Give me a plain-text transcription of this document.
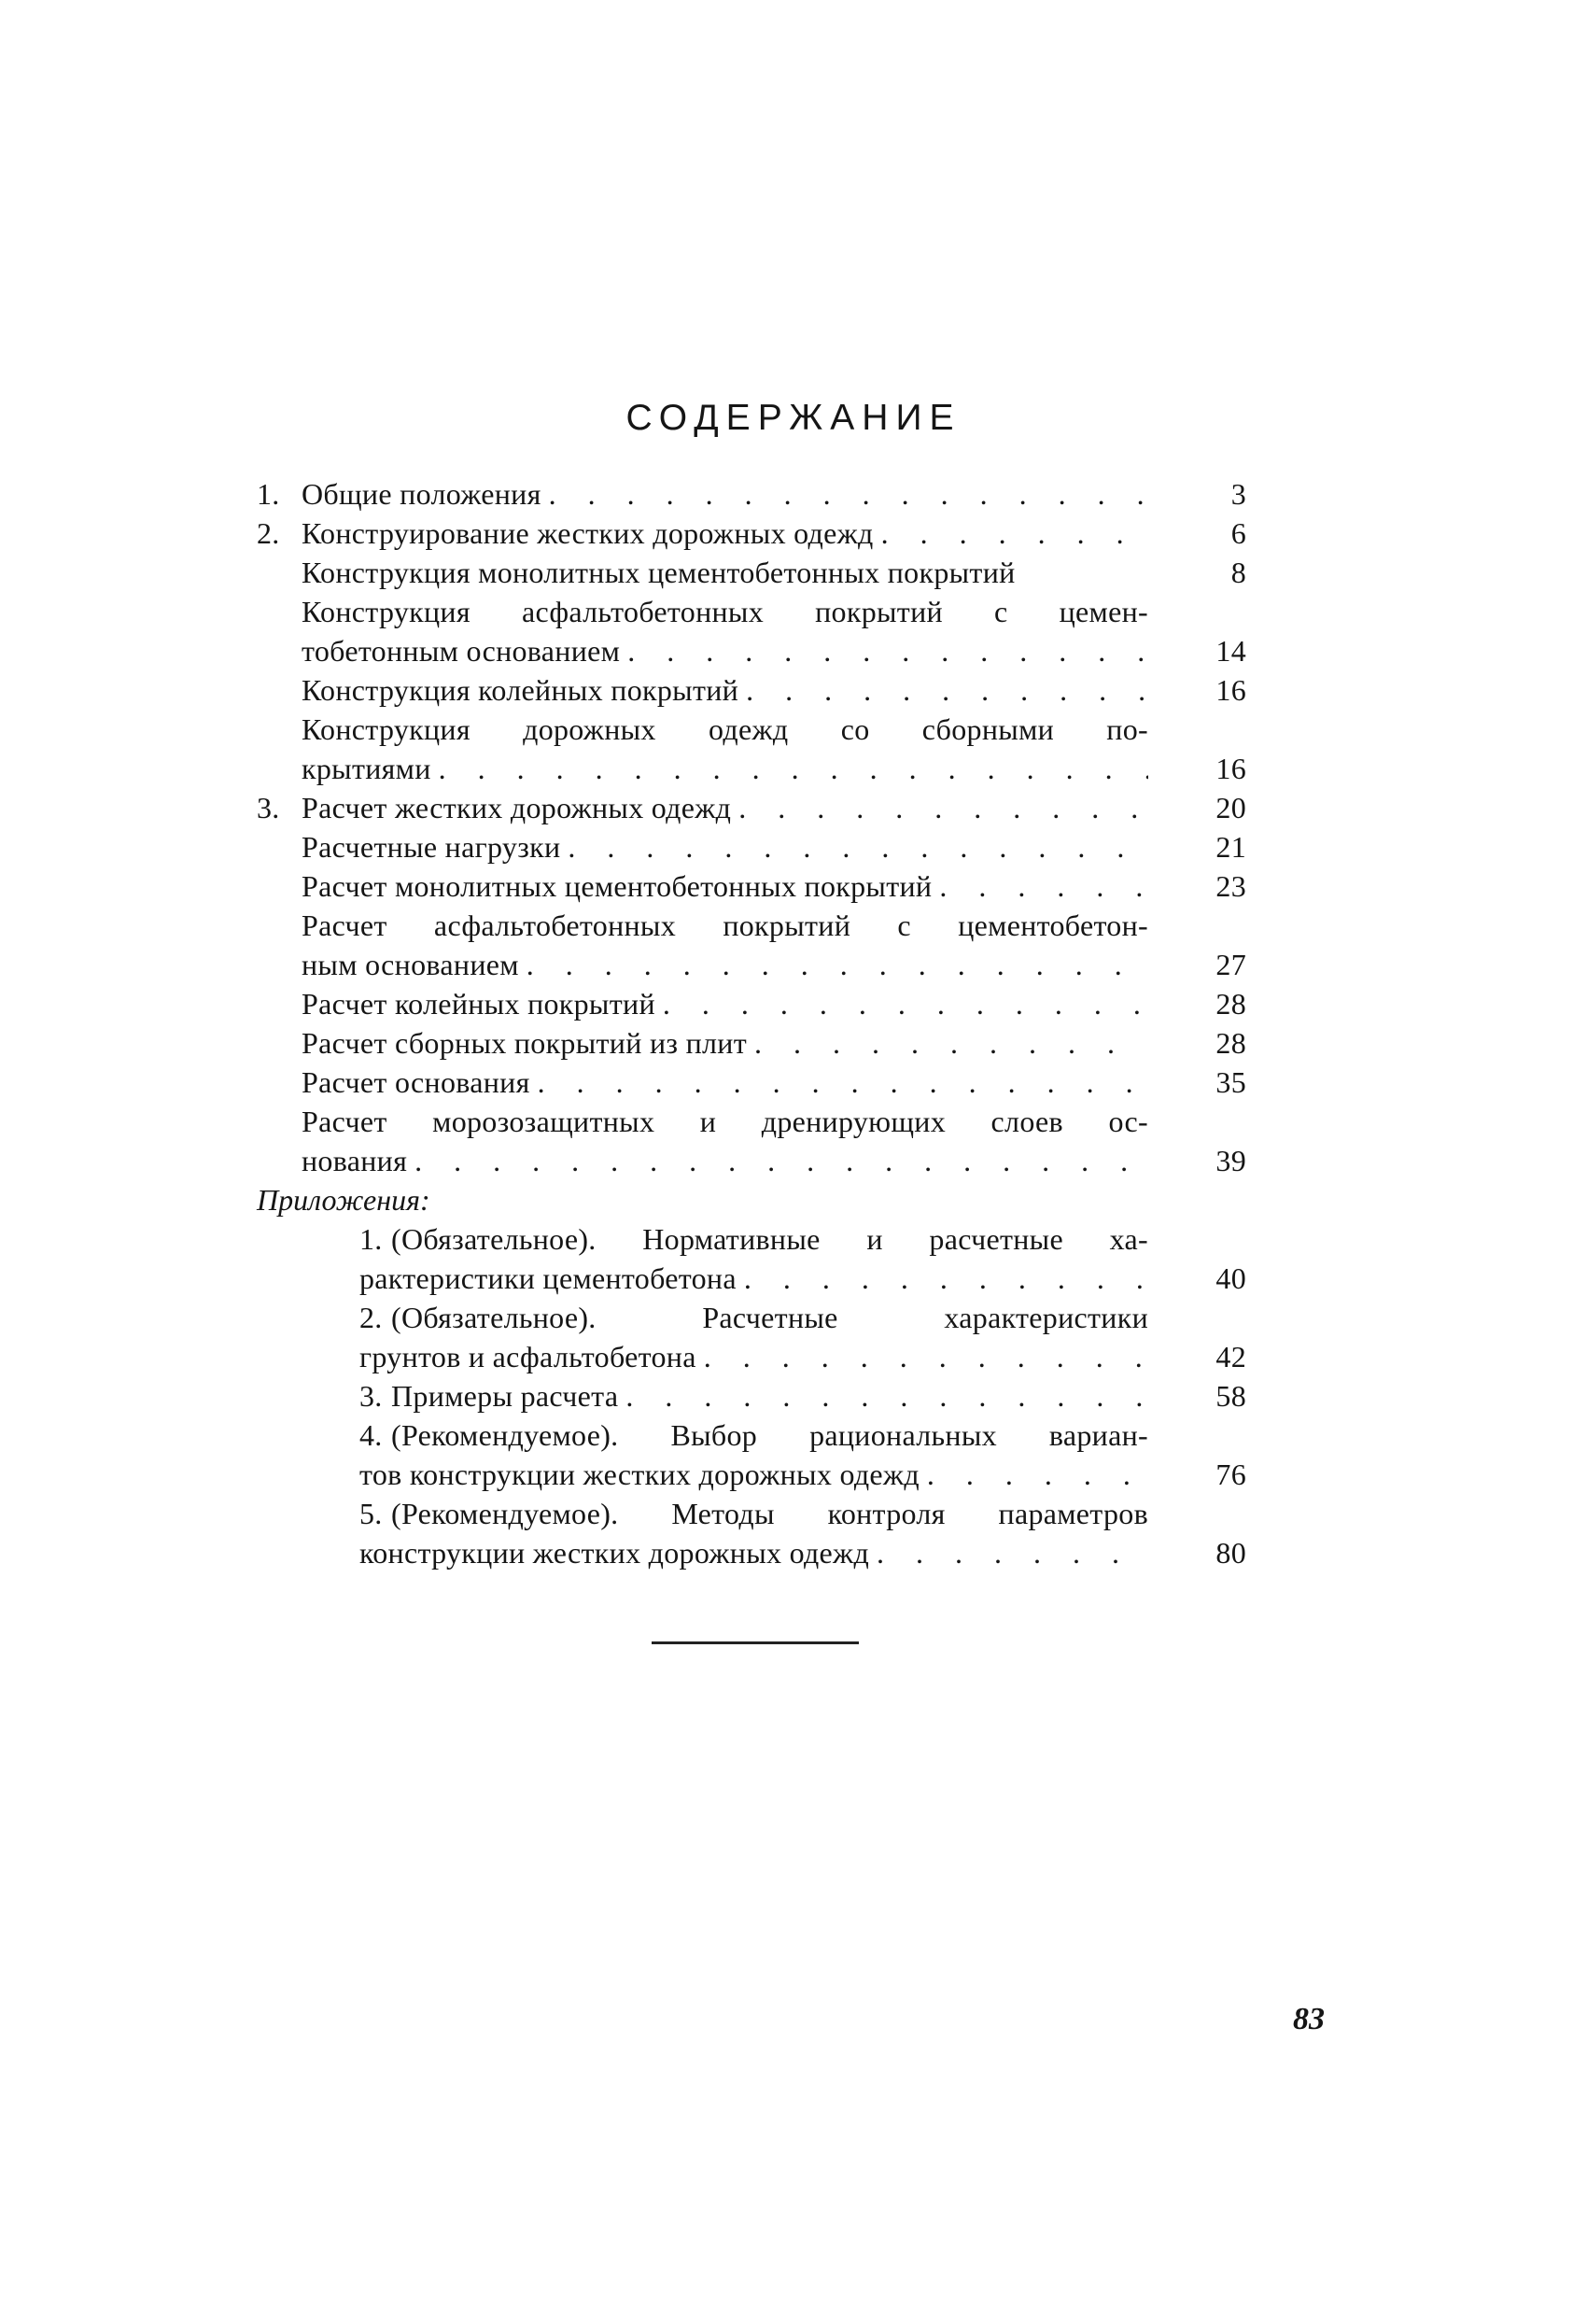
СОДЕРЖАНИЕ
1. Общие положения . . .	3
2. Конструирование жестких дорожных одежд . . .	6
Конструкция монолитных цементобетонных покрытий	8
Конструкция асфальтобетонных покрытий с цемен-
тобетонным основанием . . .	14
Конструкция колейных покрытий . . .	16
Конструкция дорожных одежд со сборными по-
крытиями . . .	16
3. Расчет жестких дорожных одежд . . .	20
Расчетные нагрузки . . .	21
Расчет монолитных цементобетонных покрытий . . .	23
Расчет асфальтобетонных покрытий с цементобетон-
ным основанием . . .	27
Расчет колейных покрытий . . .	28
Расчет сборных покрытий из плит . . .	28
Расчет основания . . .	35
Расчет морозозащитных и дренирующих слоев ос-
нования . . .	39
Приложения:
1. (Обязательное). Нормативные и расчетные ха-
рактеристики цементобетона . . .	40
2. (Обязательное). Расчетные характеристики
грунтов и асфальтобетона . . .	42
3. Примеры расчета . . .	58
4. (Рекомендуемое). Выбор рациональных вариан-
тов конструкции жестких дорожных одежд . . .	76
5. (Рекомендуемое). Методы контроля параметров
конструкции жестких дорожных одежд . . .	80
83
